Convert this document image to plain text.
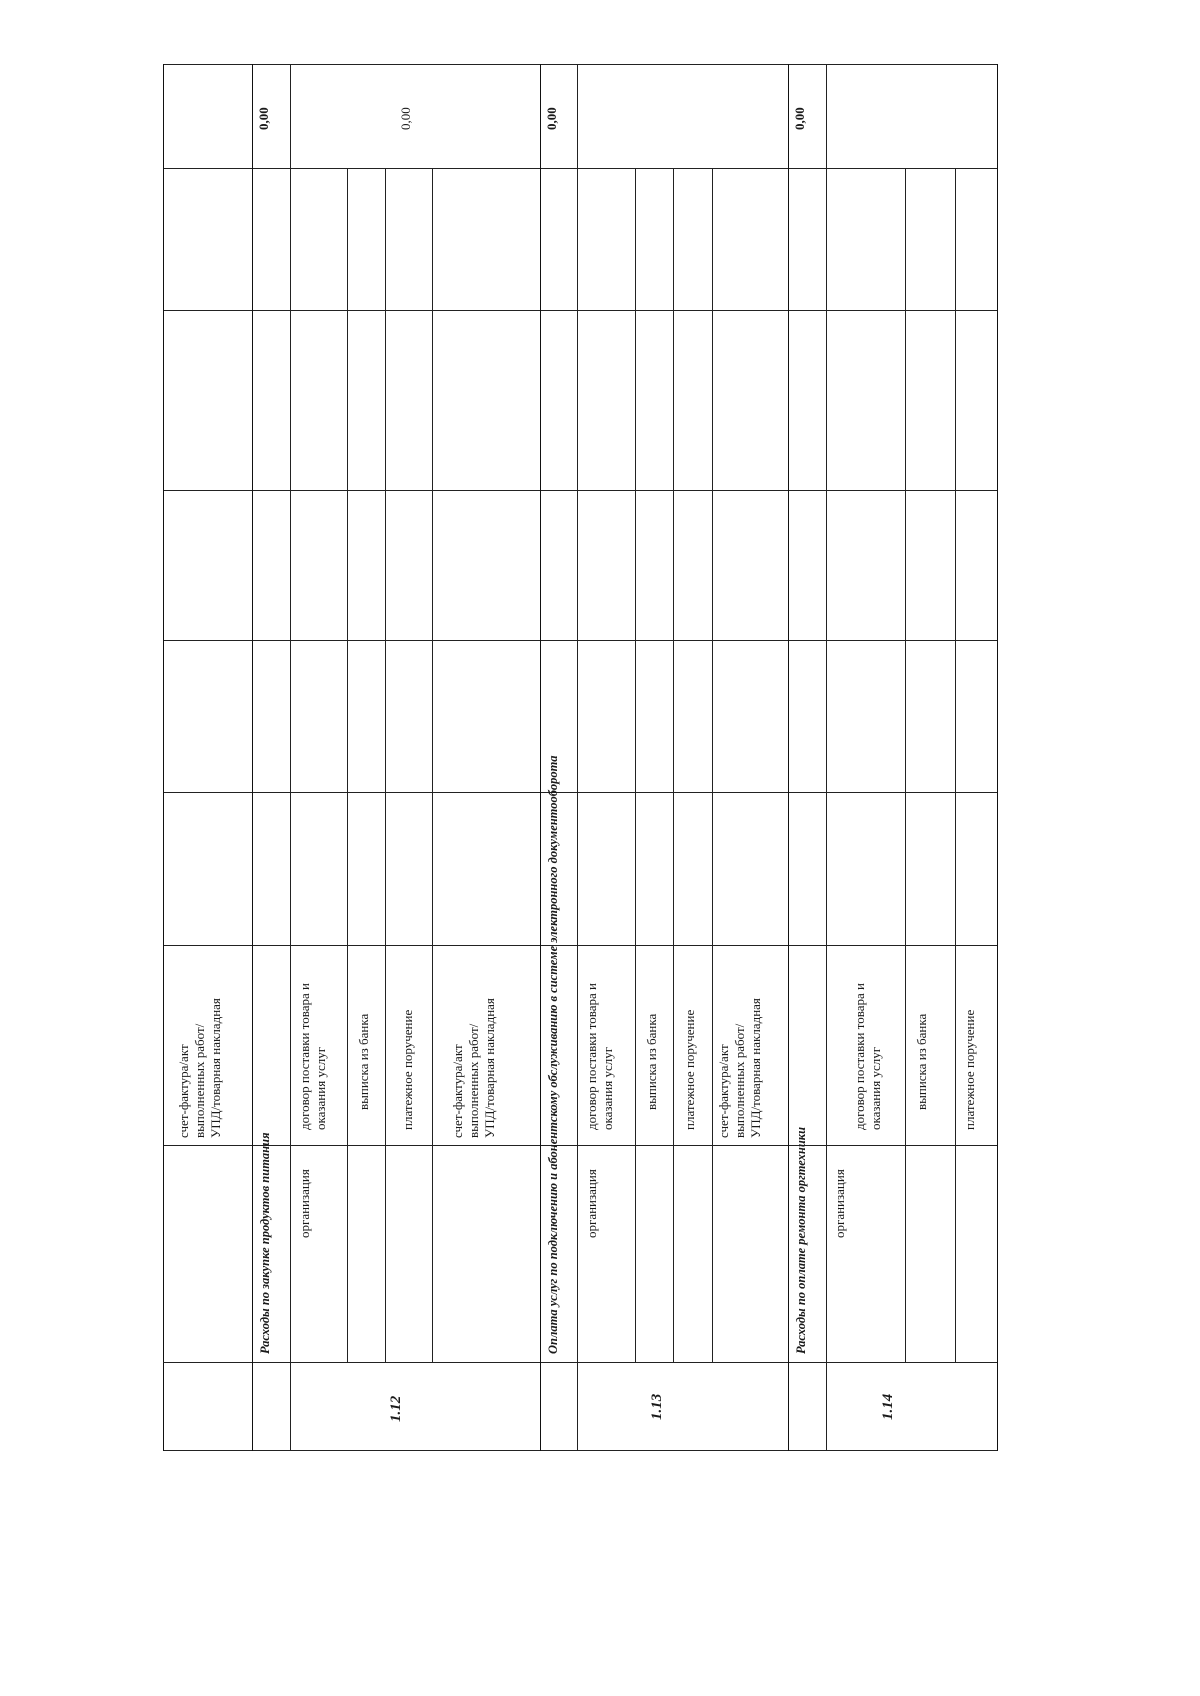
счет-фактура/акт
выполненных работ/
УПД/товарная накладная
0,00
Расходы по закупке продуктов питания
1.12
организация
договор поставки товара и
оказания услуг выписка из банка платежное поручение	счет-фактура/акт
выполненных работ/
УПД/товарная накладная
0,00
Оплата услуг по подключению и абонентскому обслуживанию в системе электронного документооборота
0,00
1.13
организация
договор поставки товара и
оказания услуг выписка из банка платежное поручение счет-фактура/акт
выполненных работ/
УПД/товарная накладная
Расходы по оплате ремонта оргтехники
0,00
1.14
организация
договор поставки товара и
оказания услуг выписка из банка	платежное поручение
